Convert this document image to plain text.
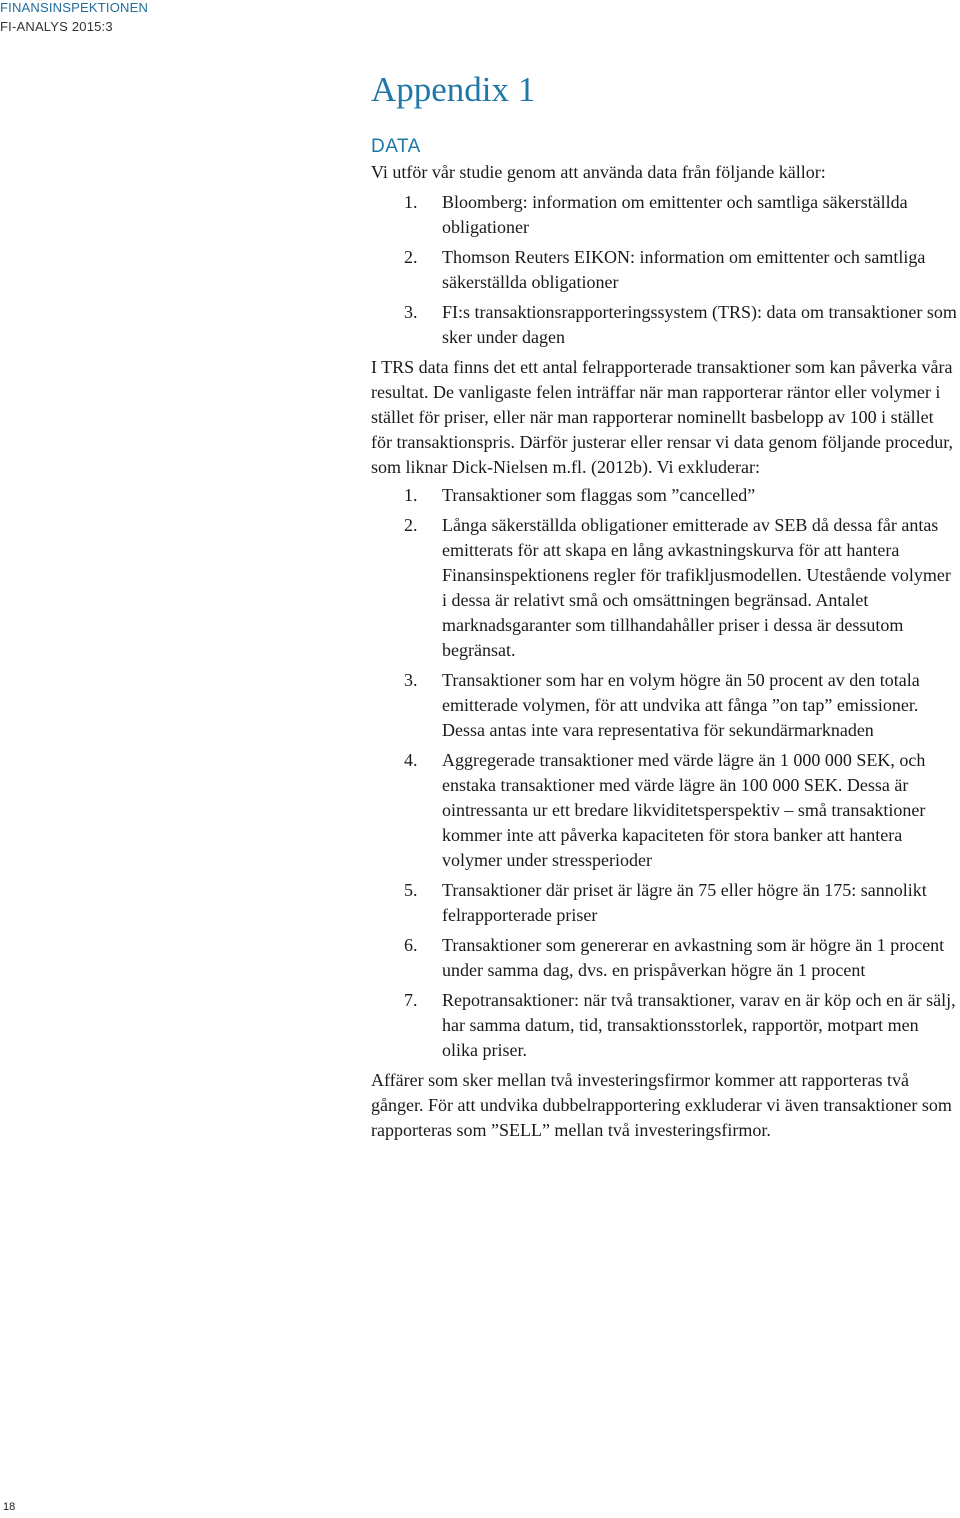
FINANSINSPEKTIONEN
FI-ANALYS 2015:3
Appendix 1
DATA

Vi utför vår studie genom att använda data från följande källor:

1. Bloomberg: information om emittenter och samtliga säkerställda obligationer
2. Thomson Reuters EIKON: information om emittenter och samtliga säkerställda obligationer
3. FI:s transaktionsrapporteringssystem (TRS): data om transaktioner som sker under dagen

I TRS data finns det ett antal felrapporterade transaktioner som kan påverka våra resultat. De vanligaste felen inträffar när man rapporterar räntor eller volymer i stället för priser, eller när man rapporterar nominellt basbelopp av 100 i stället för transaktionspris. Därför justerar eller rensar vi data genom följande procedur, som liknar Dick-Nielsen m.fl. (2012b). Vi exkluderar:

1. Transaktioner som flaggas som ”cancelled”
2. Långa säkerställda obligationer emitterade av SEB då dessa får antas emitterats för att skapa en lång avkastningskurva för att hantera Finansinspektionens regler för trafikljusmodellen. Utestående volymer i dessa är relativt små och omsättningen begränsad. Antalet marknadsgaranter som tillhandahåller priser i dessa är dessutom begränsat.
3. Transaktioner som har en volym högre än 50 procent av den totala emitterade volymen, för att undvika att fånga ”on tap” emissioner. Dessa antas inte vara representativa för sekundärmarknaden
4. Aggregerade transaktioner med värde lägre än 1 000 000 SEK, och enstaka transaktioner med värde lägre än 100 000 SEK. Dessa är ointressanta ur ett bredare likviditetsperspektiv – små transaktioner kommer inte att påverka kapaciteten för stora banker att hantera volymer under stressperioder
5. Transaktioner där priset är lägre än 75 eller högre än 175: sannolikt felrapporterade priser
6. Transaktioner som genererar en avkastning som är högre än 1 procent under samma dag, dvs. en prispåverkan högre än 1 procent
7. Repotransaktioner: när två transaktioner, varav en är köp och en är sälj, har samma datum, tid, transaktionsstorlek, rapportör, motpart men olika priser.

Affärer som sker mellan två investeringsfirmor kommer att rapporteras två gånger. För att undvika dubbelrapportering exkluderar vi även transaktioner som rapporteras som ”SELL” mellan två investeringsfirmor.

18
